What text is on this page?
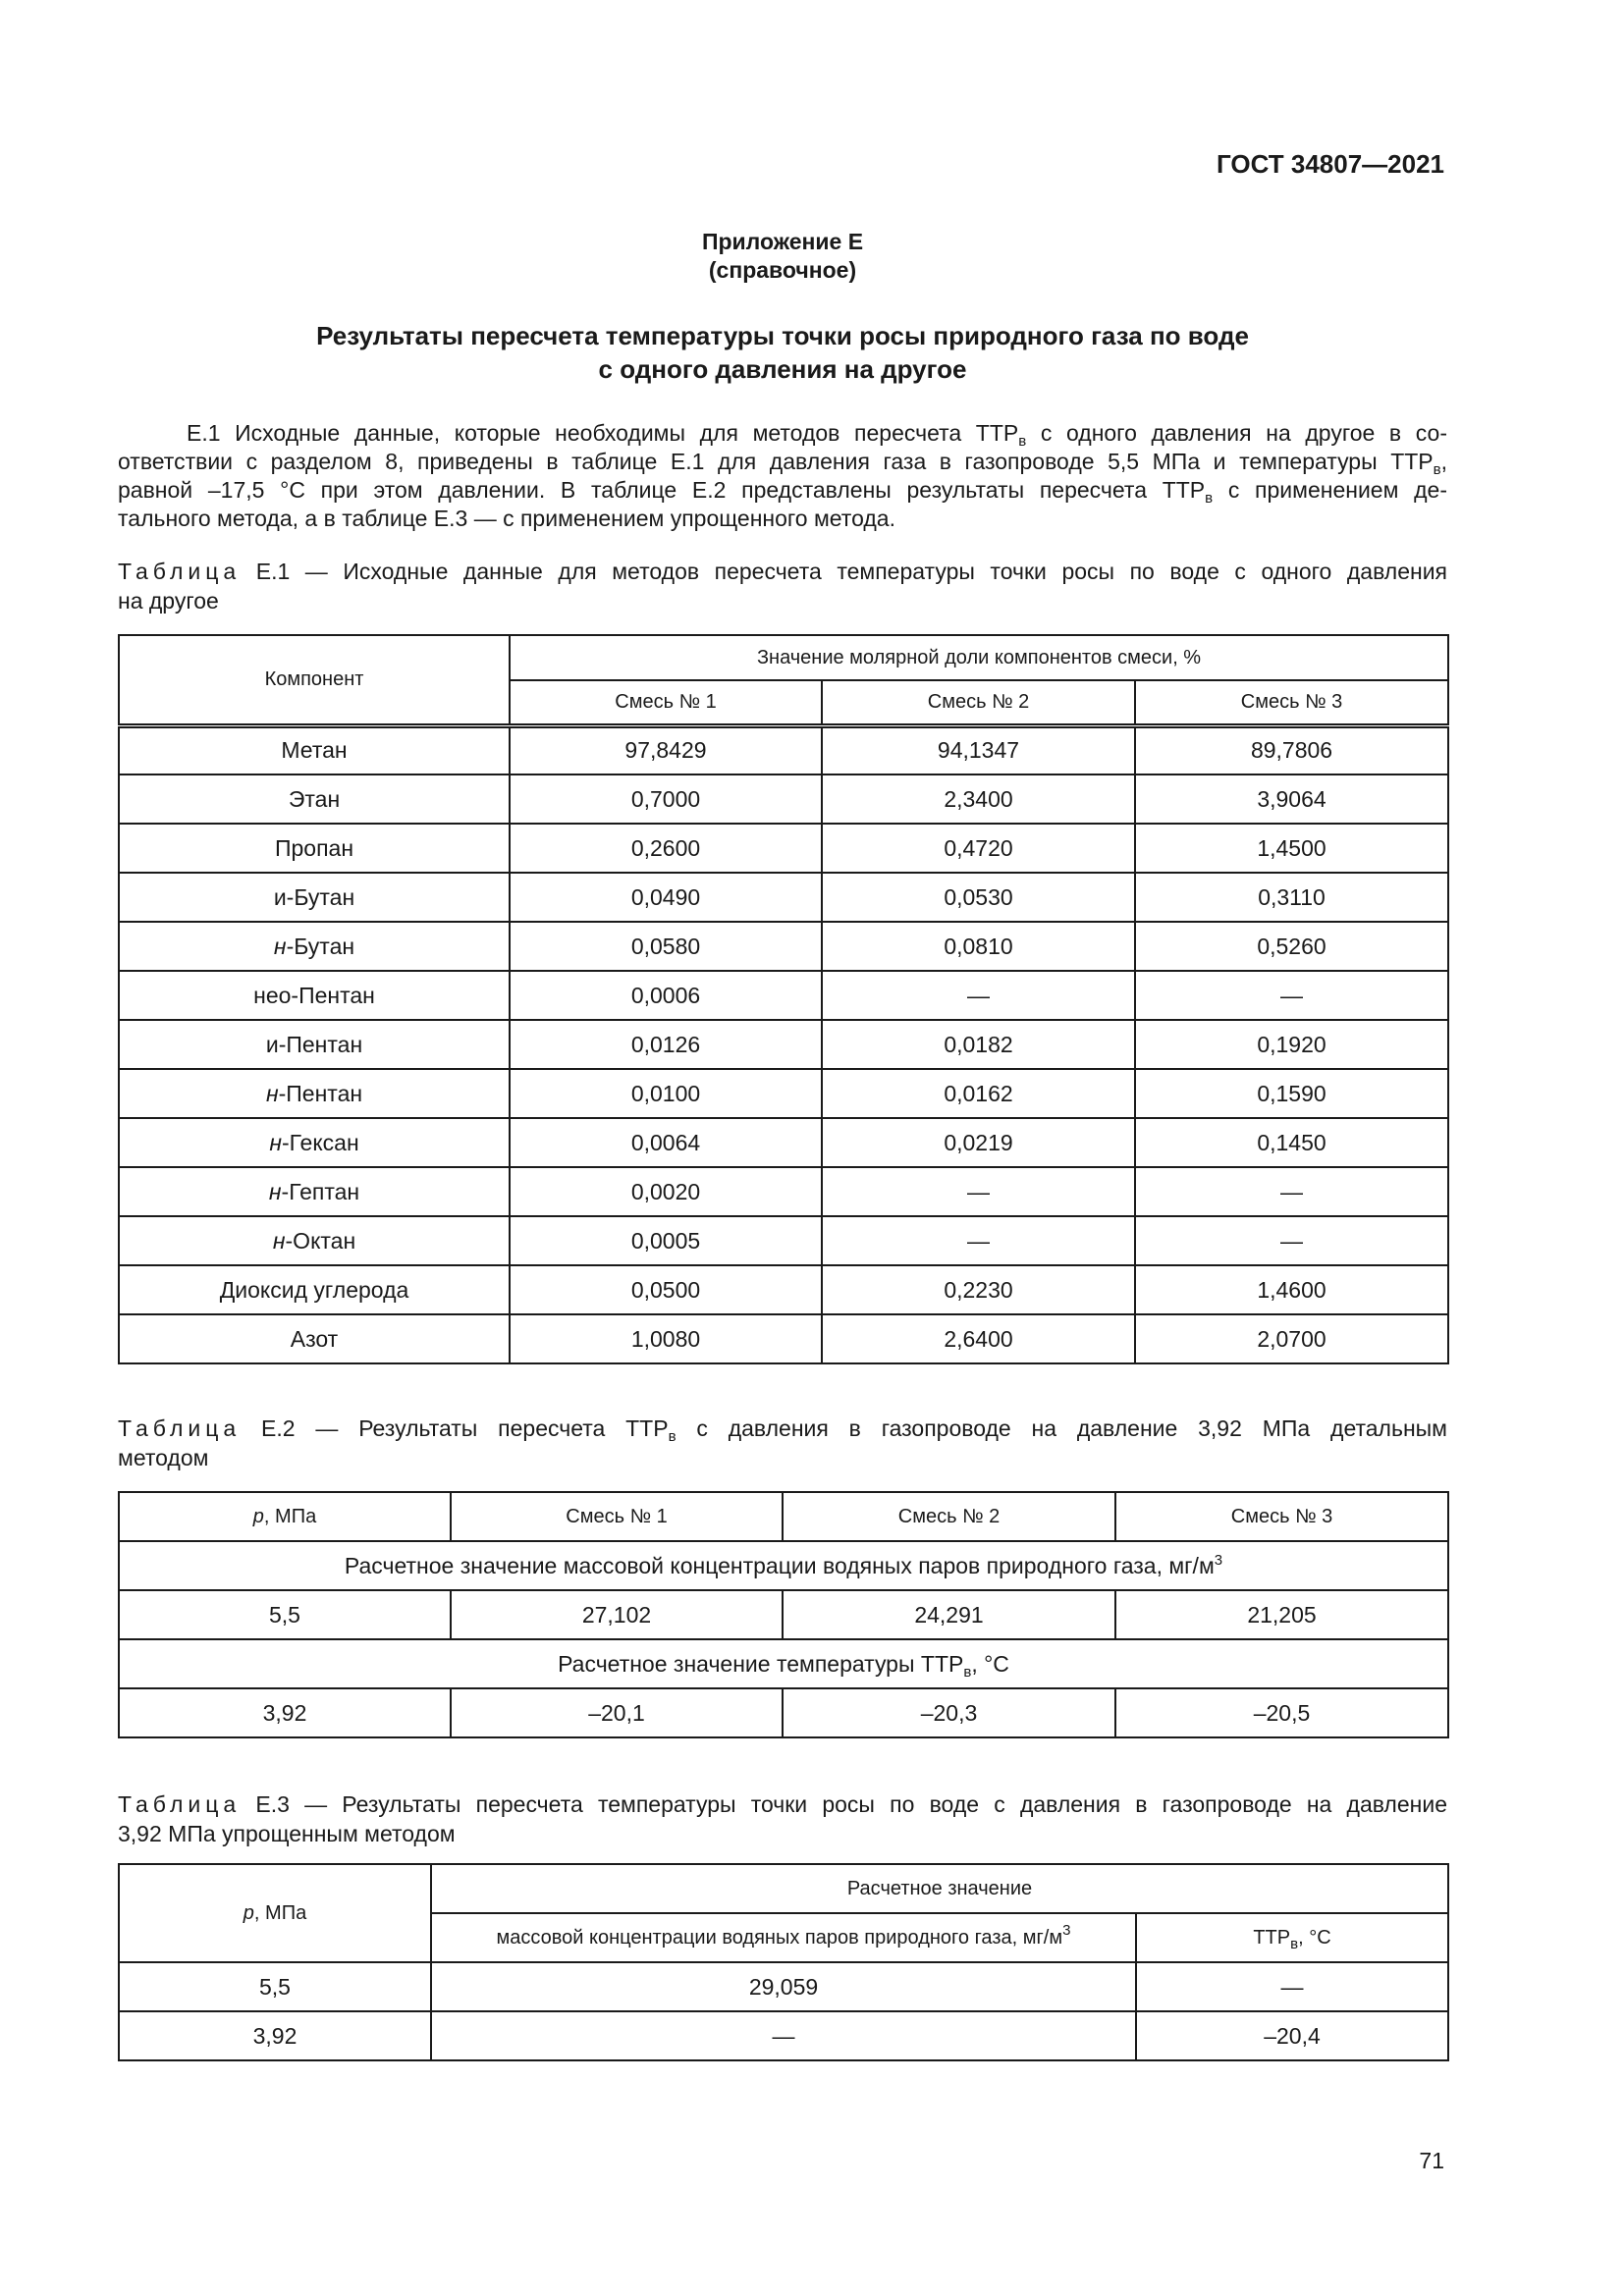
ГОСТ 34807—2021
Приложение Е
(справочное)
Результаты пересчета температуры точки росы природного газа по воде
с одного давления на другое
Е.1 Исходные данные, которые необходимы для методов пересчета $ТТР_в$ с одного давления на другое в со-
ответствии с разделом 8, приведены в таблице Е.1 для давления газа в газопроводе 5,5 МПа и температуры $ТТР_в$,
равной –17,5 °С при этом давлении. В таблице Е.2 представлены результаты пересчета $ТТР_в$ с применением де-
тального метода, а в таблице Е.3 — с применением упрощенного метода.
Таблица Е.1 — Исходные данные для методов пересчета температуры точки росы по воде с одного давления
на другое
Компонент	Значение молярной доли компонентов смеси, %		
	Смесь № 1	Смесь № 2	Смесь № 3
Метан	97,8429	94,1347	89,7806
Этан	0,7000	2,3400	3,9064
Пропан	0,2600	0,4720	1,4500
и-Бутан	0,0490	0,0530	0,3110
н-Бутан	0,0580	0,0810	0,5260
нео-Пентан	0,0006	—	—
и-Пентан	0,0126	0,0182	0,1920
н-Пентан	0,0100	0,0162	0,1590
н-Гексан	0,0064	0,0219	0,1450
н-Гептан	0,0020	—	—
н-Октан	0,0005	—	—
Диоксид углерода	0,0500	0,2230	1,4600
Азот	1,0080	2,6400	2,0700
Таблица Е.2 — Результаты пересчета $ТТР_в$ с давления в газопроводе на давление 3,92 МПа детальным
методом
р, МПа	Смесь № 1	Смесь № 2	Смесь № 3
Расчетное значение массовой концентрации водяных паров природного газа, $мг/м^3$
5,5	27,102	24,291	21,205
Расчетное значение температуры $ТТР_в$, °С			
3,92	–20,1	–20,3	–20,5
Таблица Е.3 — Результаты пересчета температуры точки росы по воде с давления в газопроводе на давление
3,92 МПа упрощенным методом
р, МПа	Расчетное значение	
	массовой концентрации водяных паров природного газа, $мг/м^3$	$ТТР_в$, °С
5,5	29,059	—
3,92	—	–20,4
71
